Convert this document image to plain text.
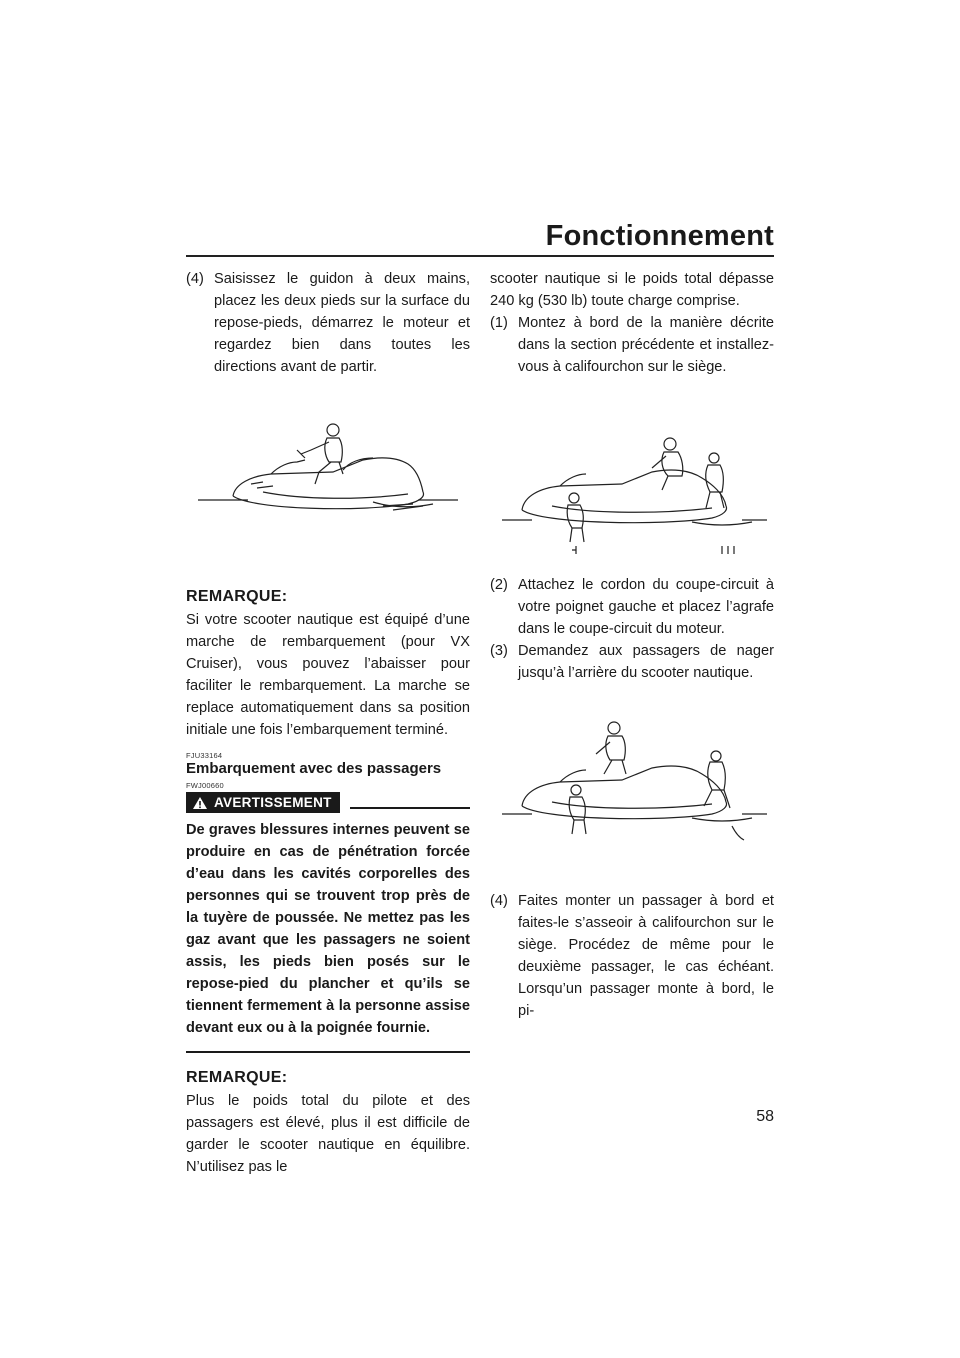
Fonctionnement
(4) Saisissez le guidon à deux mains, placez les deux pieds sur la surface du repose-pieds, démarrez le moteur et regardez bien dans toutes les directions avant de partir.
REMARQUE:

Si votre scooter nautique est équipé d’une marche de rembarquement (pour VX Cruiser), vous pouvez l’abaisser pour faciliter le rembarquement. La marche se replace automatiquement dans sa position initiale une fois l’embarquement terminé.

FJU33164
Embarquement avec des passagers
FWJ00660
AVERTISSEMENT
De graves blessures internes peuvent se produire en cas de pénétration forcée d’eau dans les cavités corporelles des personnes qui se trouvent trop près de la tuyère de poussée. Ne mettez pas les gaz avant que les passagers ne soient assis, les pieds bien posés sur le repose-pied du plancher et qu’ils se tiennent fermement à la personne assise devant eux ou à la poignée fournie.
REMARQUE:

Plus le poids total du pilote et des passagers est élevé, plus il est difficile de garder le scooter nautique en équilibre. N’utilisez pas le

scooter nautique si le poids total dépasse 240 kg (530 lb) toute charge comprise.

(1) Montez à bord de la manière décrite dans la section précédente et installez-vous à califourchon sur le siège.
(2) Attachez le cordon du coupe-circuit à votre poignet gauche et placez l’agrafe dans le coupe-circuit du moteur.
(3) Demandez aux passagers de nager jusqu’à l’arrière du scooter nautique.
(4) Faites monter un passager à bord et faites-le s’asseoir à califourchon sur le siège. Procédez de même pour le deuxième passager, le cas échéant. Lorsqu’un passager monte à bord, le pi-
58
